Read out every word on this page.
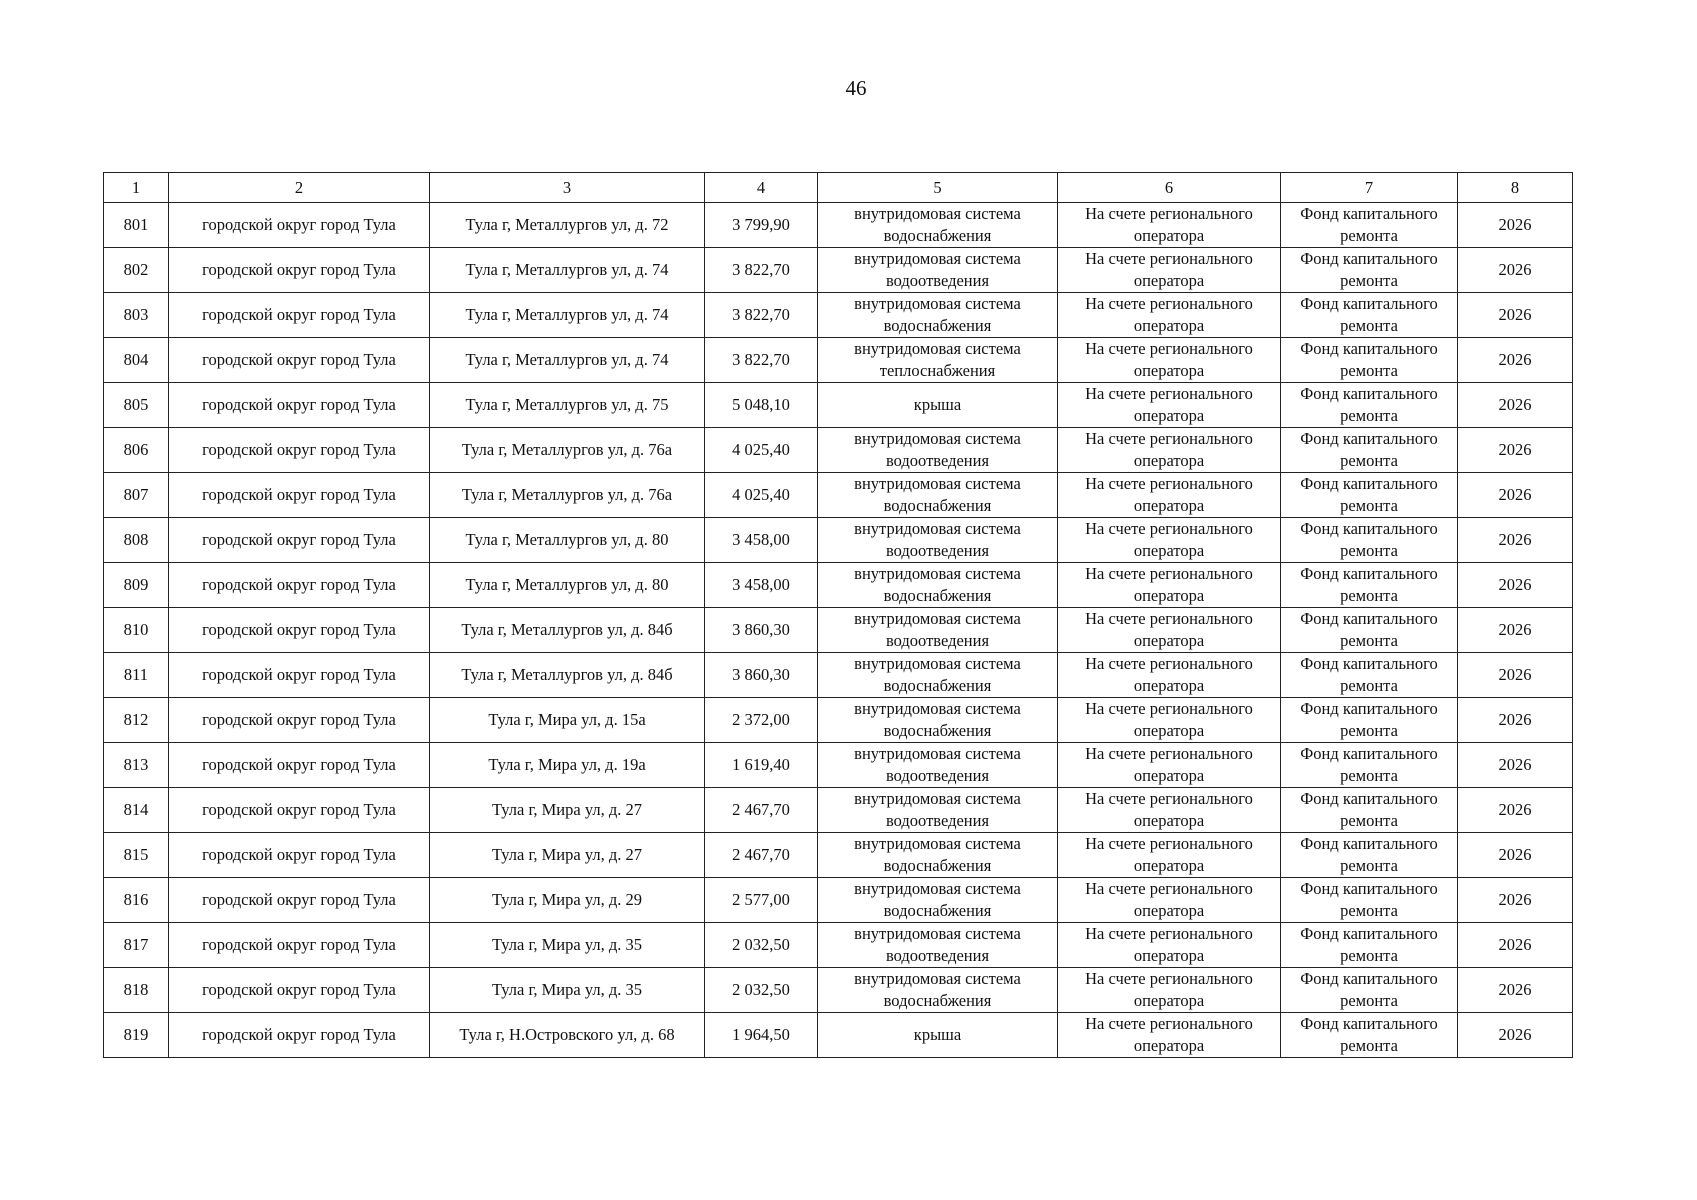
46
1	2	3	4	5	6	7	8
801	городской округ город Тула	Тула г, Металлургов ул, д. 72	3 799,90	внутридомовая система водоснабжения	На счете регионального оператора	Фонд капитального ремонта	2026
802	городской округ город Тула	Тула г, Металлургов ул, д. 74	3 822,70	внутридомовая система водоотведения	На счете регионального оператора	Фонд капитального ремонта	2026
803	городской округ город Тула	Тула г, Металлургов ул, д. 74	3 822,70	внутридомовая система водоснабжения	На счете регионального оператора	Фонд капитального ремонта	2026
804	городской округ город Тула	Тула г, Металлургов ул, д. 74	3 822,70	внутридомовая система теплоснабжения	На счете регионального оператора	Фонд капитального ремонта	2026
805	городской округ город Тула	Тула г, Металлургов ул, д. 75	5 048,10	крыша	На счете регионального оператора	Фонд капитального ремонта	2026
806	городской округ город Тула	Тула г, Металлургов ул, д. 76а	4 025,40	внутридомовая система водоотведения	На счете регионального оператора	Фонд капитального ремонта	2026
807	городской округ город Тула	Тула г, Металлургов ул, д. 76а	4 025,40	внутридомовая система водоснабжения	На счете регионального оператора	Фонд капитального ремонта	2026
808	городской округ город Тула	Тула г, Металлургов ул, д. 80	3 458,00	внутридомовая система водоотведения	На счете регионального оператора	Фонд капитального ремонта	2026
809	городской округ город Тула	Тула г, Металлургов ул, д. 80	3 458,00	внутридомовая система водоснабжения	На счете регионального оператора	Фонд капитального ремонта	2026
810	городской округ город Тула	Тула г, Металлургов ул, д. 84б	3 860,30	внутридомовая система водоотведения	На счете регионального оператора	Фонд капитального ремонта	2026
811	городской округ город Тула	Тула г, Металлургов ул, д. 84б	3 860,30	внутридомовая система водоснабжения	На счете регионального оператора	Фонд капитального ремонта	2026
812	городской округ город Тула	Тула г, Мира ул, д. 15а	2 372,00	внутридомовая система водоснабжения	На счете регионального оператора	Фонд капитального ремонта	2026
813	городской округ город Тула	Тула г, Мира ул, д. 19а	1 619,40	внутридомовая система водоотведения	На счете регионального оператора	Фонд капитального ремонта	2026
814	городской округ город Тула	Тула г, Мира ул, д. 27	2 467,70	внутридомовая система водоотведения	На счете регионального оператора	Фонд капитального ремонта	2026
815	городской округ город Тула	Тула г, Мира ул, д. 27	2 467,70	внутридомовая система водоснабжения	На счете регионального оператора	Фонд капитального ремонта	2026
816	городской округ город Тула	Тула г, Мира ул, д. 29	2 577,00	внутридомовая система водоснабжения	На счете регионального оператора	Фонд капитального ремонта	2026
817	городской округ город Тула	Тула г, Мира ул, д. 35	2 032,50	внутридомовая система водоотведения	На счете регионального оператора	Фонд капитального ремонта	2026
818	городской округ город Тула	Тула г, Мира ул, д. 35	2 032,50	внутридомовая система водоснабжения	На счете регионального оператора	Фонд капитального ремонта	2026
819	городской округ город Тула	Тула г, Н.Островского ул, д. 68	1 964,50	крыша	На счете регионального оператора	Фонд капитального ремонта	2026
